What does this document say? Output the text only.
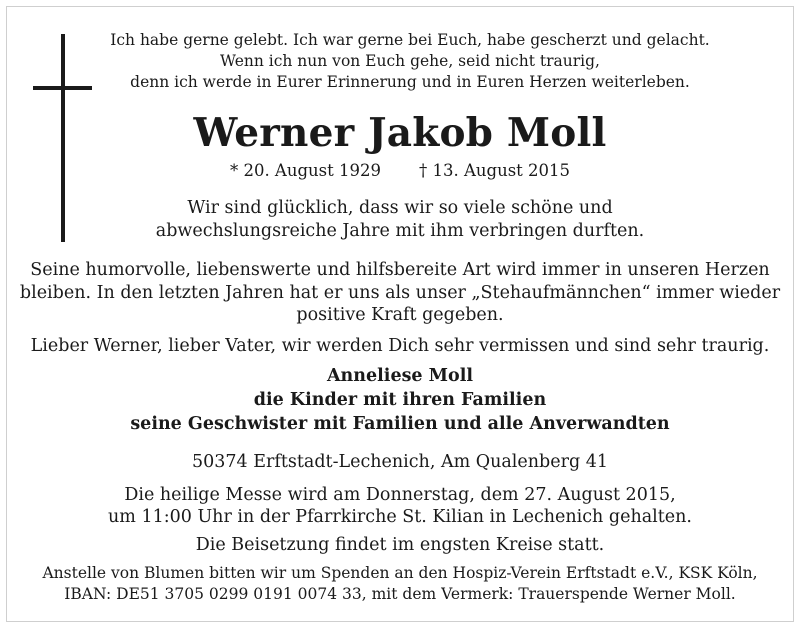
Ich habe gerne gelebt. Ich war gerne bei Euch, habe gescherzt und gelacht.
Wenn ich nun von Euch gehe, seid nicht traurig,
denn ich werde in Eurer Erinnerung und in Euren Herzen weiterleben.
Werner Jakob Moll
* 20. August 1929 † 13. August 2015
Wir sind glücklich, dass wir so viele schöne und
abwechslungsreiche Jahre mit ihm verbringen durften.
Seine humorvolle, liebenswerte und hilfsbereite Art wird immer in unseren Herzen
bleiben. In den letzten Jahren hat er uns als unser „Stehaufmännchen“ immer wieder
positive Kraft gegeben.
Lieber Werner, lieber Vater, wir werden Dich sehr vermissen und sind sehr traurig.
Anneliese Moll
die Kinder mit ihren Familien
seine Geschwister mit Familien und alle Anverwandten
50374 Erftstadt-Lechenich, Am Qualenberg 41
Die heilige Messe wird am Donnerstag, dem 27. August 2015,
um 11:00 Uhr in der Pfarrkirche St. Kilian in Lechenich gehalten.
Die Beisetzung findet im engsten Kreise statt.
Anstelle von Blumen bitten wir um Spenden an den Hospiz-Verein Erftstadt e.V., KSK Köln,
IBAN: DE51 3705 0299 0191 0074 33, mit dem Vermerk: Trauerspende Werner Moll.
